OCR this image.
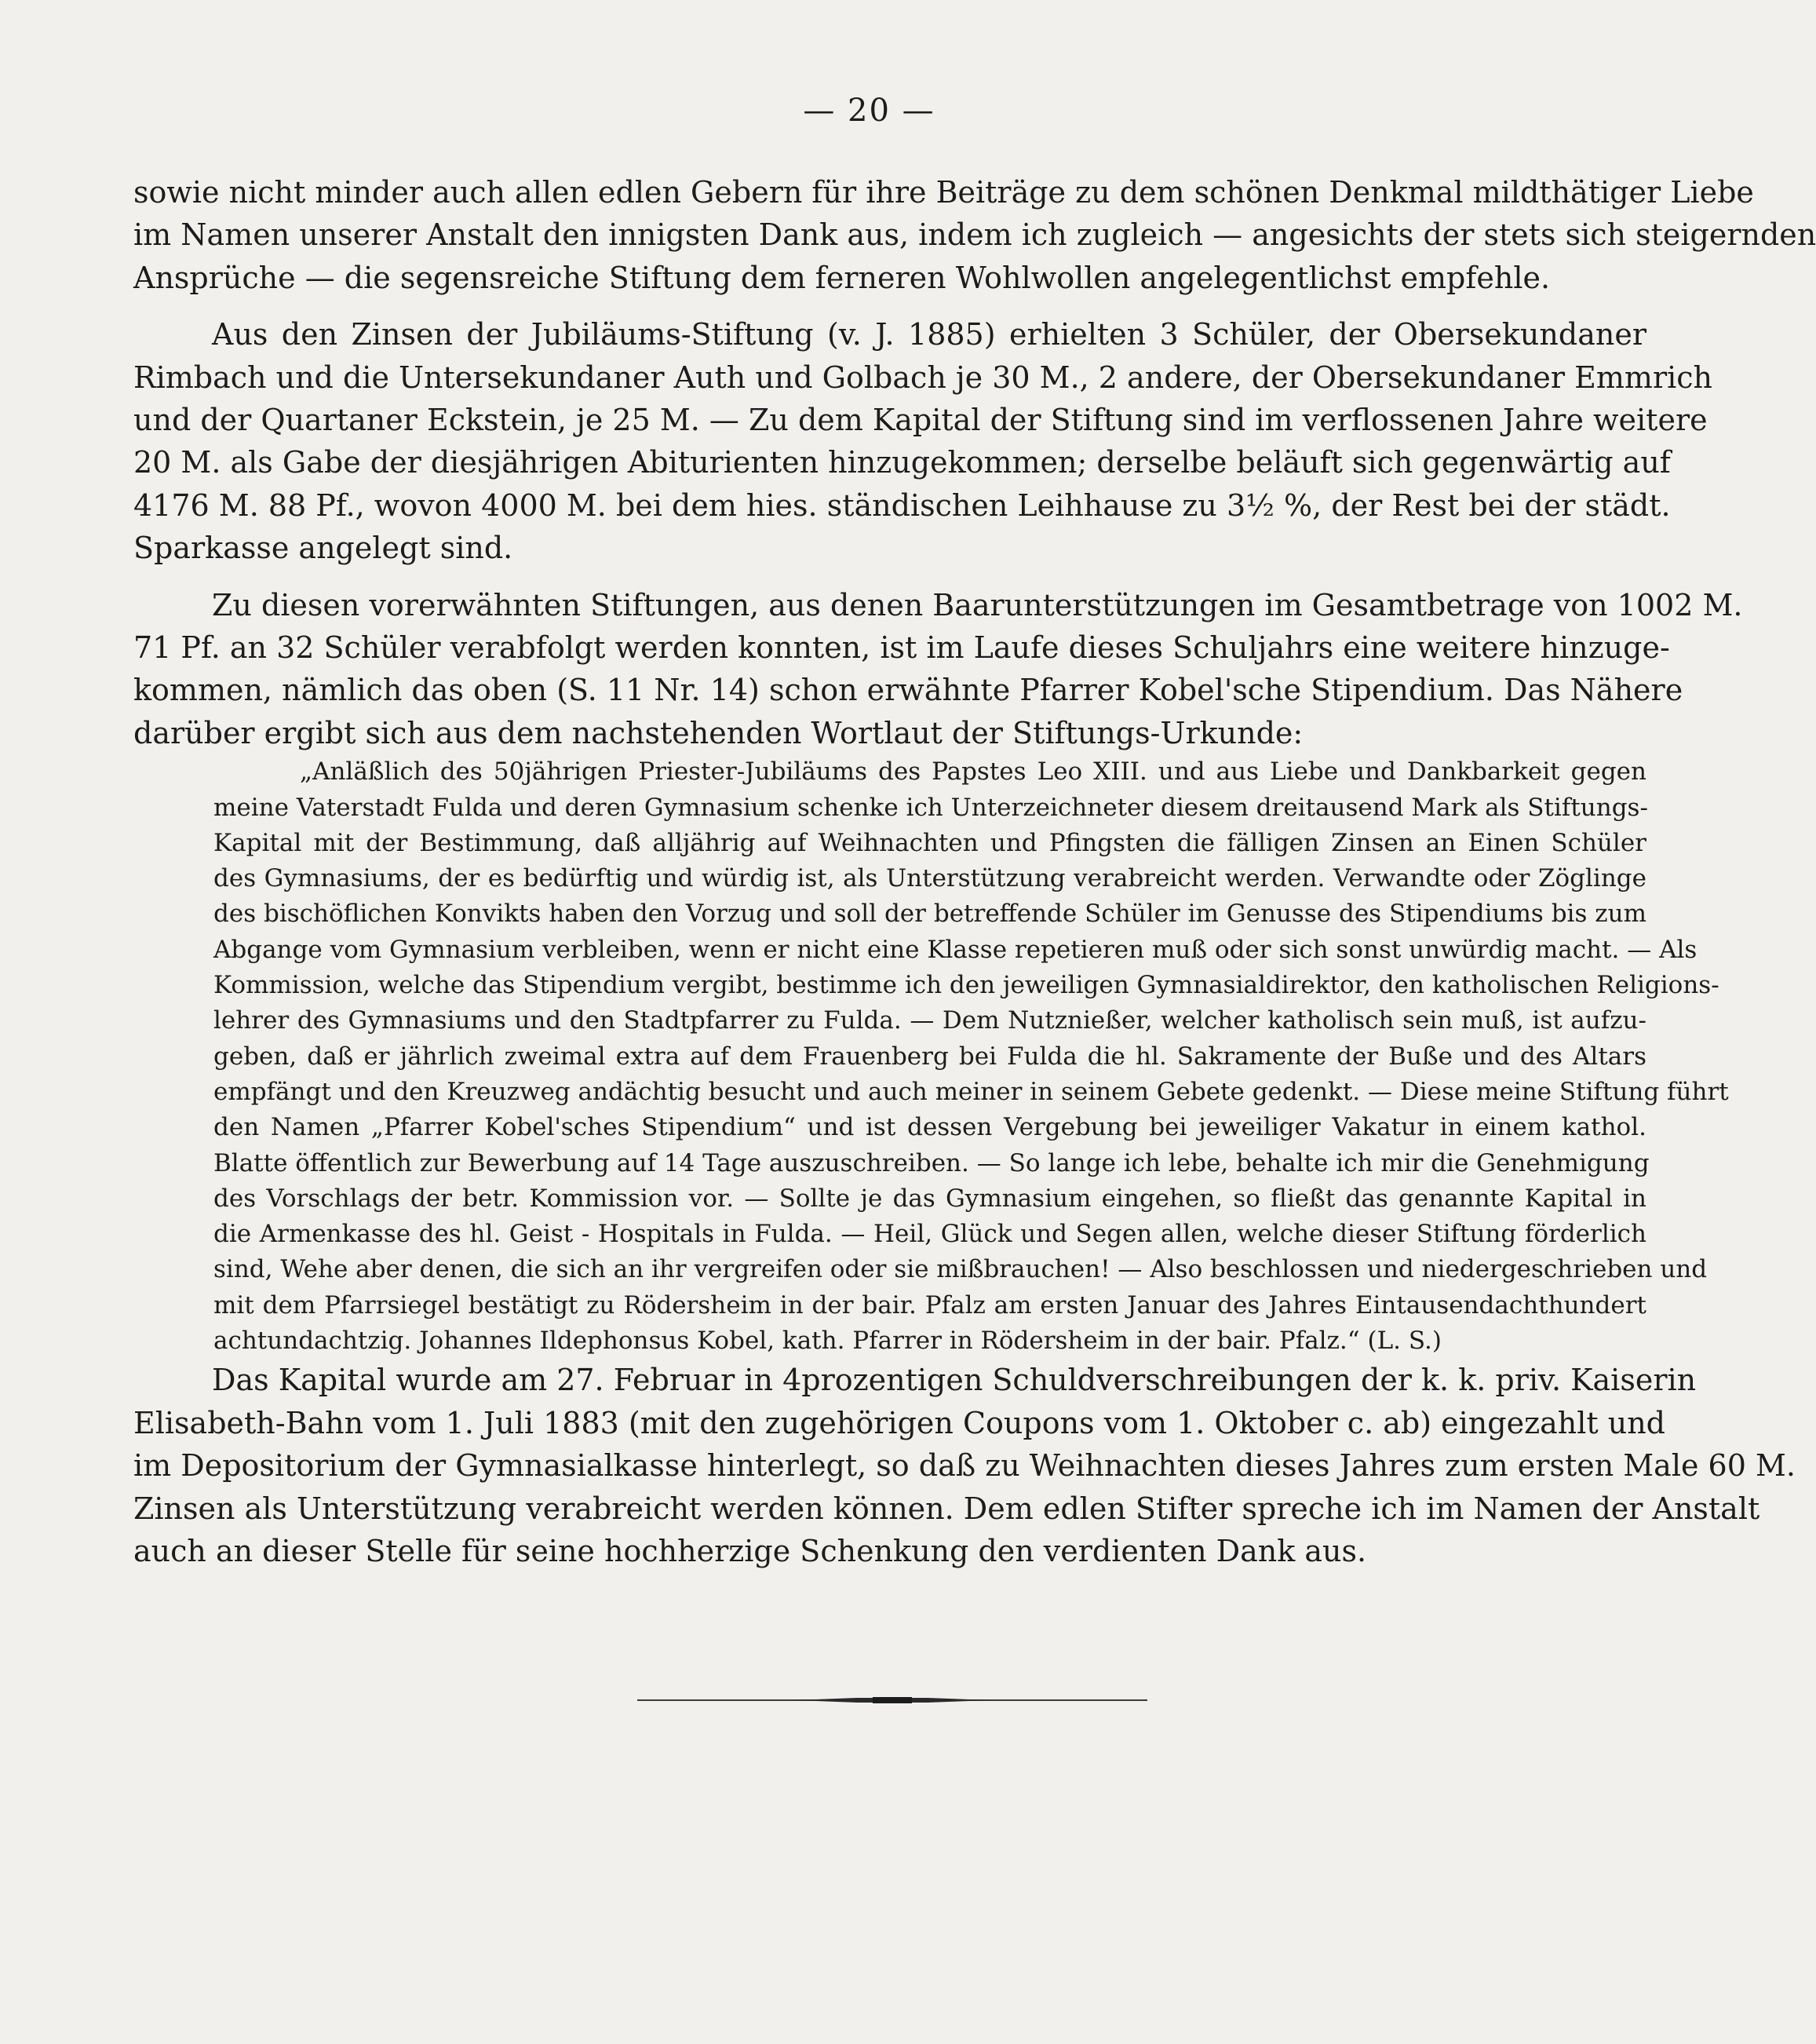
— 20 —
sowie nicht minder auch allen edlen Gebern für ihre Beiträge zu dem schönen Denkmal mildthätiger Liebe
im Namen unserer Anstalt den innigsten Dank aus, indem ich zugleich — angesichts der stets sich steigernden
Ansprüche — die segensreiche Stiftung dem ferneren Wohlwollen angelegentlichst empfehle.
Aus den Zinsen der Jubiläums-Stiftung (v. J. 1885) erhielten 3 Schüler, der Obersekundaner
Rimbach und die Untersekundaner Auth und Golbach je 30 M., 2 andere, der Obersekundaner Emmrich
und der Quartaner Eckstein, je 25 M. — Zu dem Kapital der Stiftung sind im verflossenen Jahre weitere
20 M. als Gabe der diesjährigen Abiturienten hinzugekommen; derselbe beläuft sich gegenwärtig auf
4176 M. 88 Pf., wovon 4000 M. bei dem hies. ständischen Leihhause zu 3½ %, der Rest bei der städt.
Sparkasse angelegt sind.
Zu diesen vorerwähnten Stiftungen, aus denen Baarunterstützungen im Gesamtbetrage von 1002 M.
71 Pf. an 32 Schüler verabfolgt werden konnten, ist im Laufe dieses Schuljahrs eine weitere hinzuge-
kommen, nämlich das oben (S. 11 Nr. 14) schon erwähnte Pfarrer Kobel'sche Stipendium. Das Nähere
darüber ergibt sich aus dem nachstehenden Wortlaut der Stiftungs-Urkunde:
„Anläßlich des 50jährigen Priester-Jubiläums des Papstes Leo XIII. und aus Liebe und Dankbarkeit gegen
meine Vaterstadt Fulda und deren Gymnasium schenke ich Unterzeichneter diesem dreitausend Mark als Stiftungs-
Kapital mit der Bestimmung, daß alljährig auf Weihnachten und Pfingsten die fälligen Zinsen an Einen Schüler
des Gymnasiums, der es bedürftig und würdig ist, als Unterstützung verabreicht werden. Verwandte oder Zöglinge
des bischöflichen Konvikts haben den Vorzug und soll der betreffende Schüler im Genusse des Stipendiums bis zum
Abgange vom Gymnasium verbleiben, wenn er nicht eine Klasse repetieren muß oder sich sonst unwürdig macht. — Als
Kommission, welche das Stipendium vergibt, bestimme ich den jeweiligen Gymnasialdirektor, den katholischen Religions-
lehrer des Gymnasiums und den Stadtpfarrer zu Fulda. — Dem Nutznießer, welcher katholisch sein muß, ist aufzu-
geben, daß er jährlich zweimal extra auf dem Frauenberg bei Fulda die hl. Sakramente der Buße und des Altars
empfängt und den Kreuzweg andächtig besucht und auch meiner in seinem Gebete gedenkt. — Diese meine Stiftung führt
den Namen „Pfarrer Kobel'sches Stipendium“ und ist dessen Vergebung bei jeweiliger Vakatur in einem kathol.
Blatte öffentlich zur Bewerbung auf 14 Tage auszuschreiben. — So lange ich lebe, behalte ich mir die Genehmigung
des Vorschlags der betr. Kommission vor. — Sollte je das Gymnasium eingehen, so fließt das genannte Kapital in
die Armenkasse des hl. Geist - Hospitals in Fulda. — Heil, Glück und Segen allen, welche dieser Stiftung förderlich
sind, Wehe aber denen, die sich an ihr vergreifen oder sie mißbrauchen! — Also beschlossen und niedergeschrieben und
mit dem Pfarrsiegel bestätigt zu Rödersheim in der bair. Pfalz am ersten Januar des Jahres Eintausendachthundert
achtundachtzig. Johannes Ildephonsus Kobel, kath. Pfarrer in Rödersheim in der bair. Pfalz.“ (L. S.)
Das Kapital wurde am 27. Februar in 4prozentigen Schuldverschreibungen der k. k. priv. Kaiserin
Elisabeth-Bahn vom 1. Juli 1883 (mit den zugehörigen Coupons vom 1. Oktober c. ab) eingezahlt und
im Depositorium der Gymnasialkasse hinterlegt, so daß zu Weihnachten dieses Jahres zum ersten Male 60 M.
Zinsen als Unterstützung verabreicht werden können. Dem edlen Stifter spreche ich im Namen der Anstalt
auch an dieser Stelle für seine hochherzige Schenkung den verdienten Dank aus.
